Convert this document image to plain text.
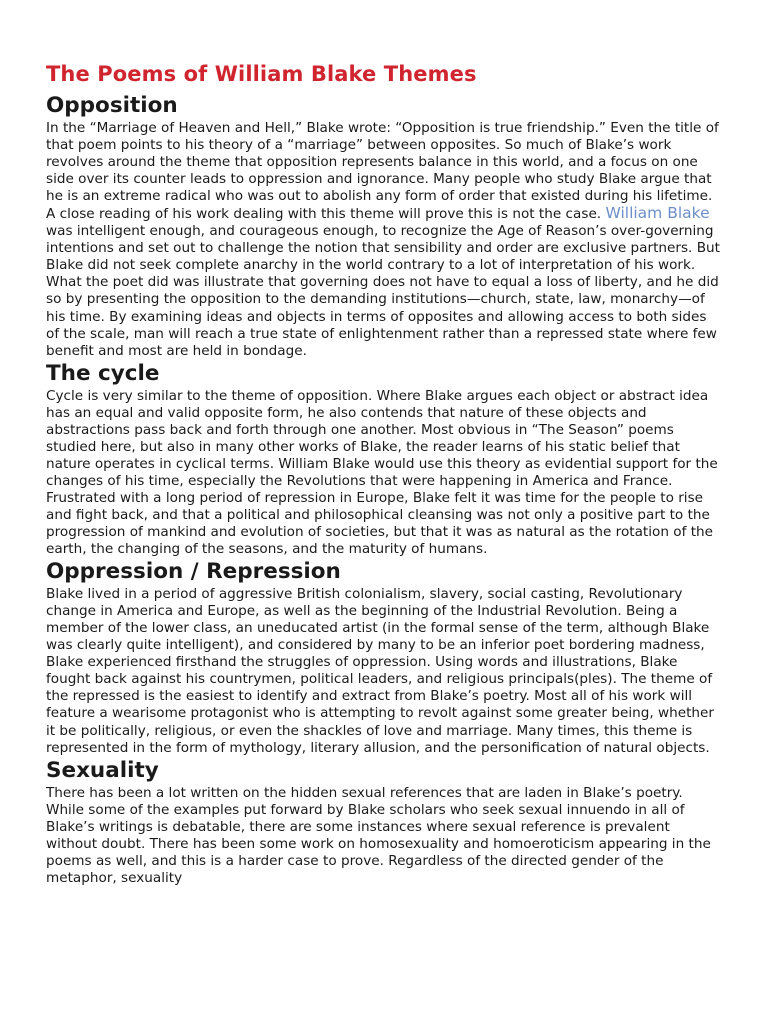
The Poems of William Blake Themes
Opposition

In the “Marriage of Heaven and Hell,” Blake wrote: “Opposition is true friendship.” Even the title of that poem points to his theory of a “marriage” between opposites. So much of Blake’s work revolves around the theme that opposition represents balance in this world, and a focus on one side over its counter leads to oppression and ignorance. Many people who study Blake argue that he is an extreme radical who was out to abolish any form of order that existed during his lifetime. A close reading of his work dealing with this theme will prove this is not the case. William Blake was intelligent enough, and courageous enough, to recognize the Age of Reason’s over-governing intentions and set out to challenge the notion that sensibility and order are exclusive partners. But Blake did not seek complete anarchy in the world contrary to a lot of interpretation of his work. What the poet did was illustrate that governing does not have to equal a loss of liberty, and he did so by presenting the opposition to the demanding institutions—church, state, law, monarchy—of his time. By examining ideas and objects in terms of opposites and allowing access to both sides of the scale, man will reach a true state of enlightenment rather than a repressed state where few benefit and most are held in bondage.

The cycle

Cycle is very similar to the theme of opposition. Where Blake argues each object or abstract idea has an equal and valid opposite form, he also contends that nature of these objects and abstractions pass back and forth through one another. Most obvious in “The Season” poems studied here, but also in many other works of Blake, the reader learns of his static belief that nature operates in cyclical terms. William Blake would use this theory as evidential support for the changes of his time, especially the Revolutions that were happening in America and France. Frustrated with a long period of repression in Europe, Blake felt it was time for the people to rise and fight back, and that a political and philosophical cleansing was not only a positive part to the progression of mankind and evolution of societies, but that it was as natural as the rotation of the earth, the changing of the seasons, and the maturity of humans.

Oppression / Repression

Blake lived in a period of aggressive British colonialism, slavery, social casting, Revolutionary change in America and Europe, as well as the beginning of the Industrial Revolution. Being a member of the lower class, an uneducated artist (in the formal sense of the term, although Blake was clearly quite intelligent), and considered by many to be an inferior poet bordering madness, Blake experienced firsthand the struggles of oppression. Using words and illustrations, Blake fought back against his countrymen, political leaders, and religious principals(ples). The theme of the repressed is the easiest to identify and extract from Blake’s poetry. Most all of his work will feature a wearisome protagonist who is attempting to revolt against some greater being, whether it be politically, religious, or even the shackles of love and marriage. Many times, this theme is represented in the form of mythology, literary allusion, and the personification of natural objects.

Sexuality

There has been a lot written on the hidden sexual references that are laden in Blake’s poetry. While some of the examples put forward by Blake scholars who seek sexual innuendo in all of Blake’s writings is debatable, there are some instances where sexual reference is prevalent without doubt. There has been some work on homosexuality and homoeroticism appearing in the poems as well, and this is a harder case to prove. Regardless of the directed gender of the metaphor, sexuality
